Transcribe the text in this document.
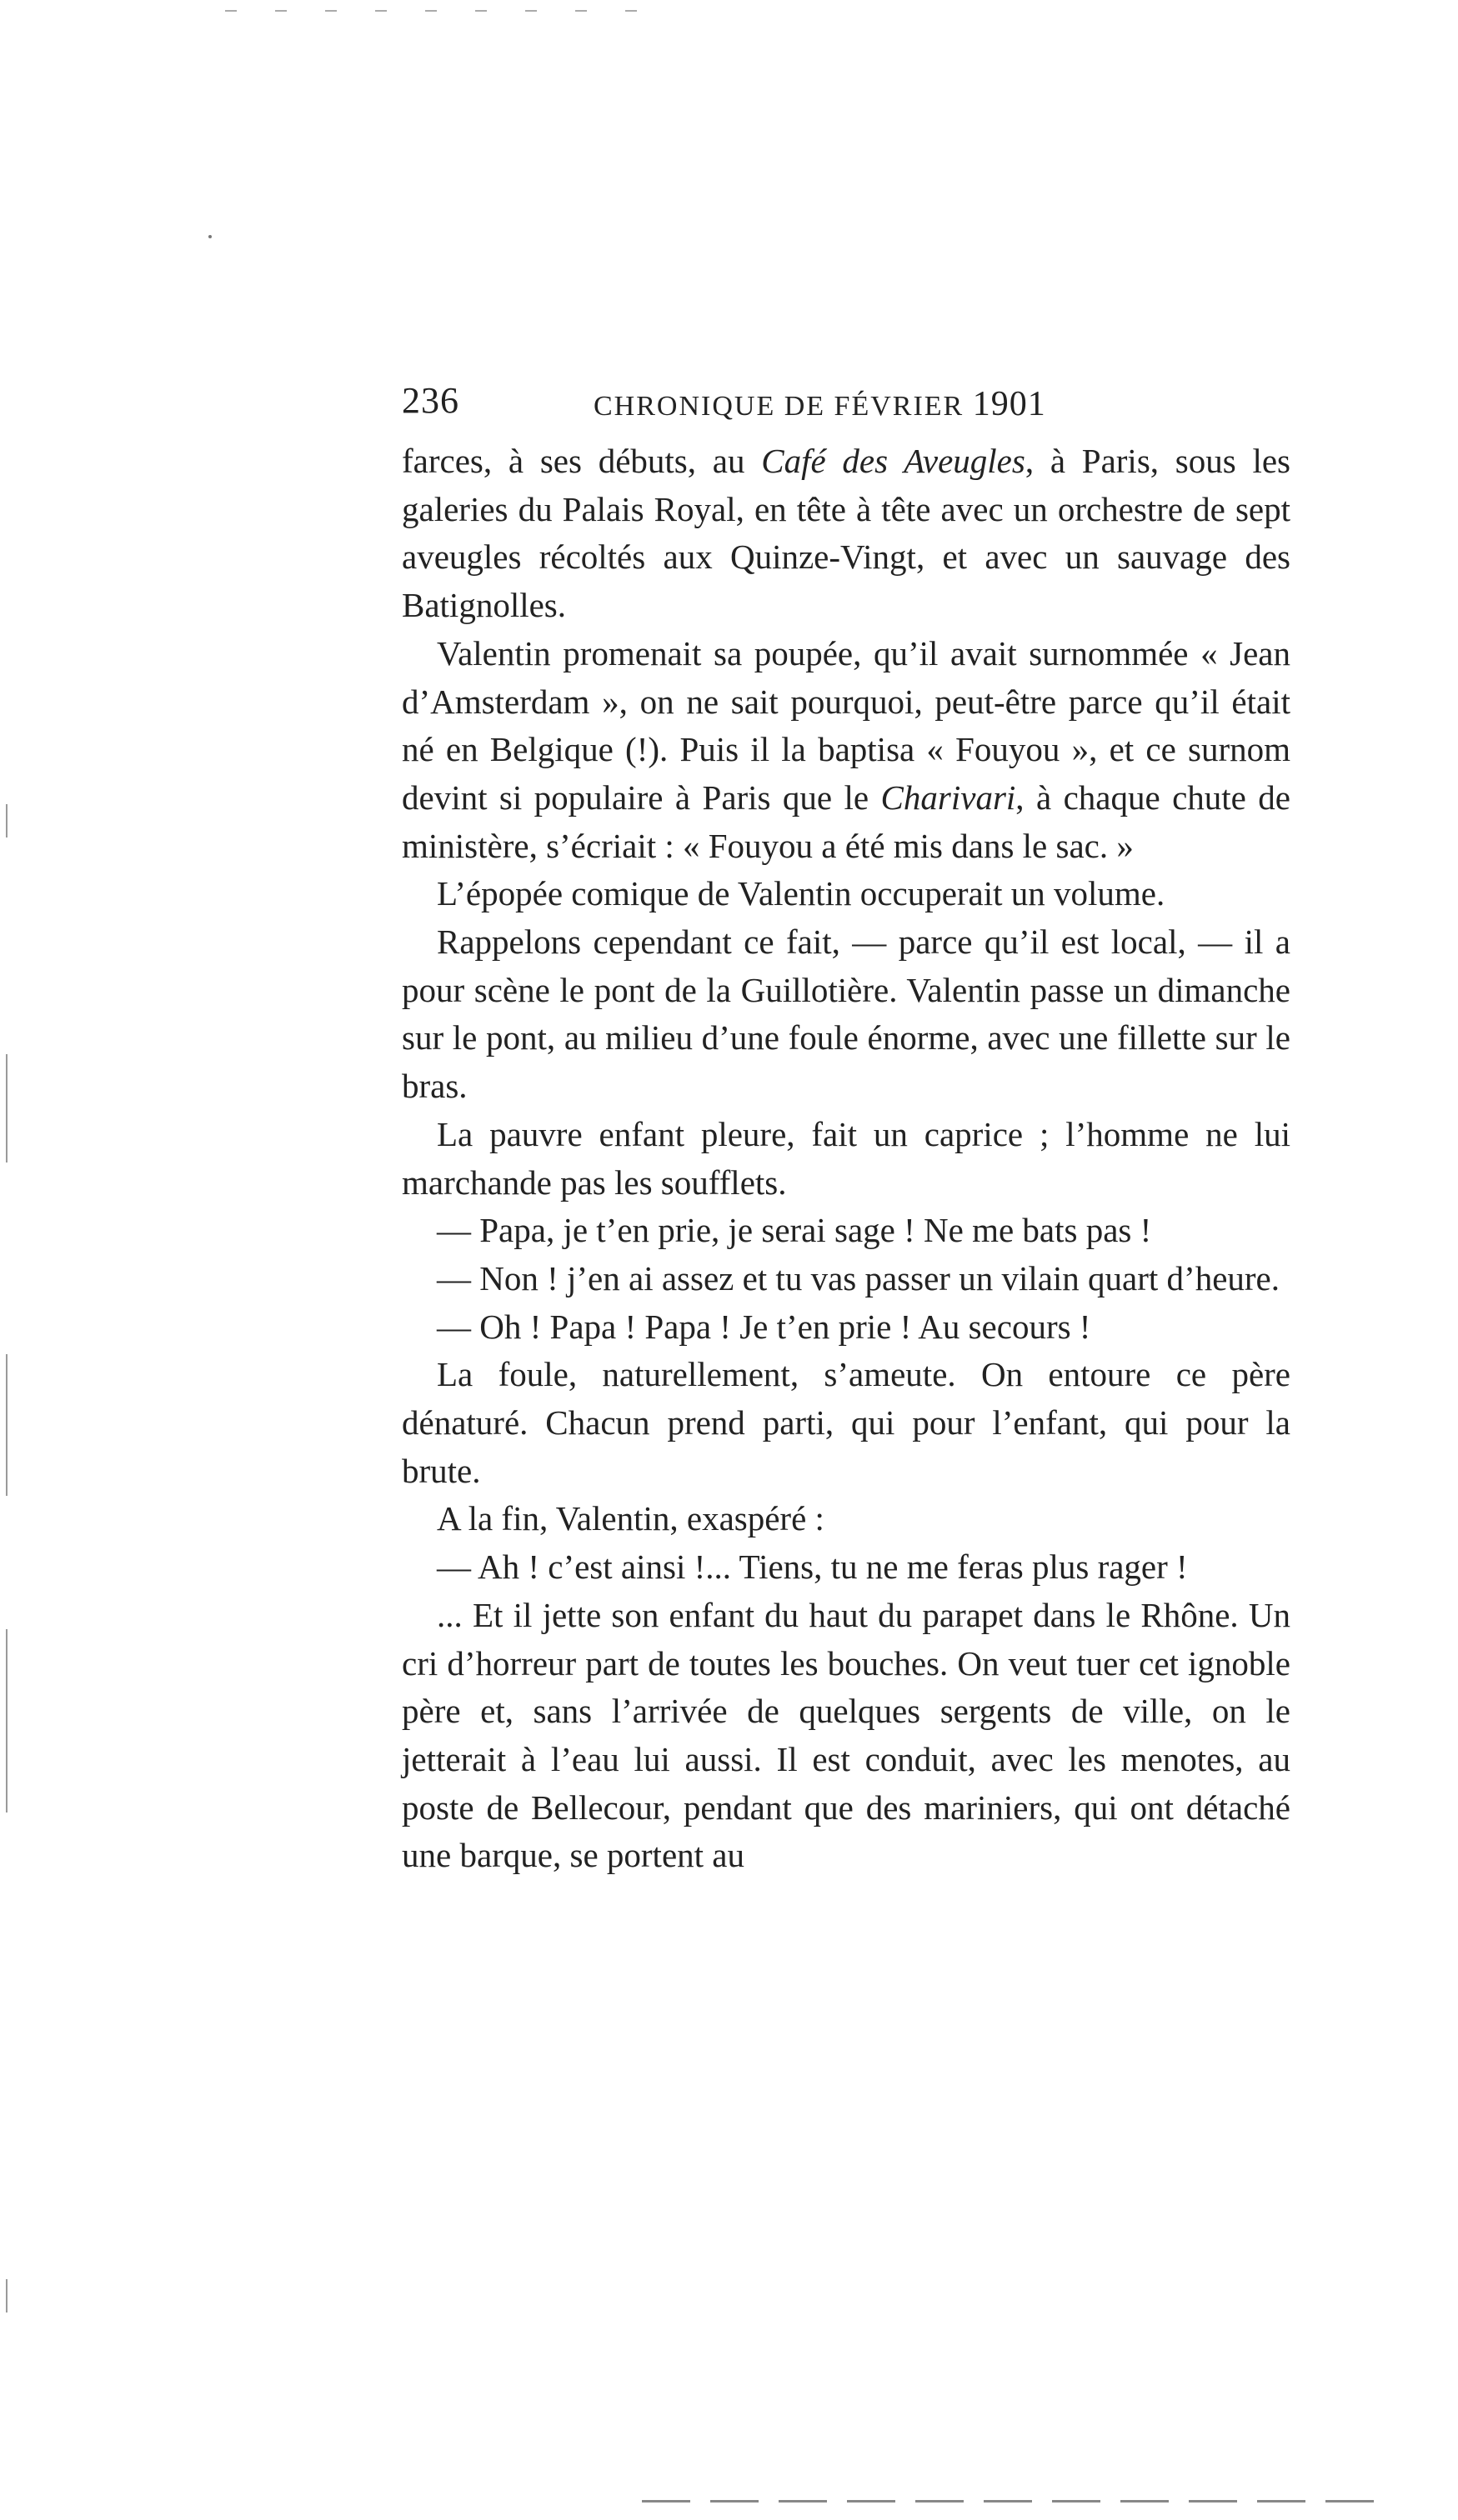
236	CHRONIQUE DE FÉVRIER 1901

farces, à ses débuts, au Café des Aveugles, à Paris, sous les galeries du Palais Royal, en tête à tête avec un orchestre de sept aveugles récoltés aux Quinze-Vingt, et avec un sauvage des Batignolles.

Valentin promenait sa poupée, qu’il avait surnommée « Jean d’Amsterdam », on ne sait pourquoi, peut-être parce qu’il était né en Belgique (!). Puis il la baptisa « Fouyou », et ce surnom devint si populaire à Paris que le Charivari, à chaque chute de ministère, s’écriait : « Fouyou a été mis dans le sac. »

L’épopée comique de Valentin occuperait un volume.

Rappelons cependant ce fait, — parce qu’il est local, — il a pour scène le pont de la Guillotière. Valentin passe un dimanche sur le pont, au milieu d’une foule énorme, avec une fillette sur le bras.

La pauvre enfant pleure, fait un caprice ; l’homme ne lui marchande pas les soufflets.

— Papa, je t’en prie, je serai sage ! Ne me bats pas !

— Non ! j’en ai assez et tu vas passer un vilain quart d’heure.

— Oh ! Papa ! Papa ! Je t’en prie ! Au secours !

La foule, naturellement, s’ameute. On entoure ce père dénaturé. Chacun prend parti, qui pour l’enfant, qui pour la brute.

A la fin, Valentin, exaspéré :

— Ah ! c’est ainsi !... Tiens, tu ne me feras plus rager !

... Et il jette son enfant du haut du parapet dans le Rhône. Un cri d’horreur part de toutes les bouches. On veut tuer cet ignoble père et, sans l’arrivée de quelques sergents de ville, on le jetterait à l’eau lui aussi. Il est conduit, avec les menotes, au poste de Bellecour, pendant que des mariniers, qui ont détaché une barque, se portent au
